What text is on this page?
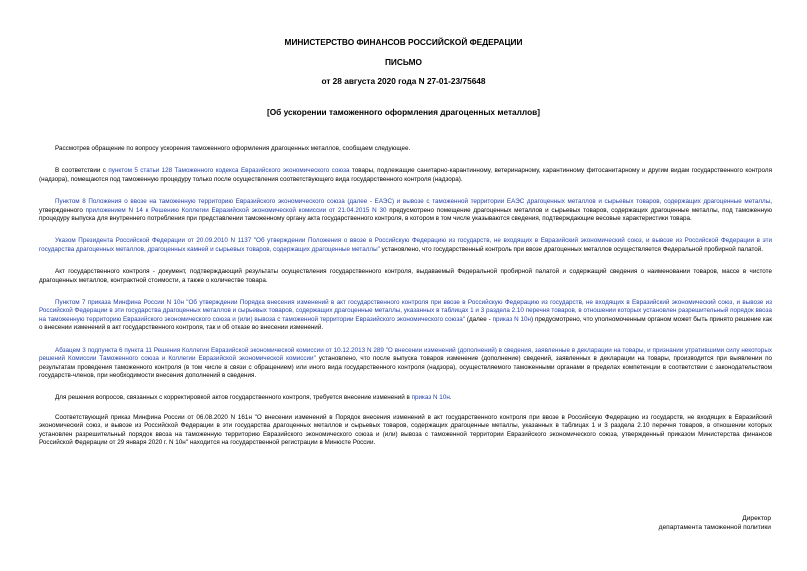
МИНИСТЕРСТВО ФИНАНСОВ РОССИЙСКОЙ ФЕДЕРАЦИИ
ПИСЬМО
от 28 августа 2020 года N 27-01-23/75648
[Об ускорении таможенного оформления драгоценных металлов]

Рассмотрев обращение по вопросу ускорения таможенного оформления драгоценных металлов, сообщаем следующее.

В соответствии с пунктом 5 статьи 128 Таможенного кодекса Евразийского экономического союза товары, подлежащие санитарно-карантинному, ветеринарному, карантинному фитосанитарному и другим видам государственного контроля (надзора), помещаются под таможенную процедуру только после осуществления соответствующего вида государственного контроля (надзора).

Пунктом 8 Положения о ввозе на таможенную территорию Евразийского экономического союза (далее - ЕАЭС) и вывозе с таможенной территории ЕАЭС драгоценных металлов и сырьевых товаров, содержащих драгоценные металлы, утвержденного приложением N 14 к Решению Коллегии Евразийской экономической комиссии от 21.04.2015 N 30 предусмотрено помещение драгоценных металлов и сырьевых товаров, содержащих драгоценные металлы, под таможенную процедуру выпуска для внутреннего потребления при представлении таможенному органу акта государственного контроля, в котором в том числе указываются сведения, подтверждающие весовые характеристики товара.

Указом Президента Российской Федерации от 20.09.2010 N 1137 "Об утверждении Положения о ввозе в Российскую Федерацию из государств, не входящих в Евразийский экономический союз, и вывозе из Российской Федерации в эти государства драгоценных металлов, драгоценных камней и сырьевых товаров, содержащих драгоценные металлы" установлено, что государственный контроль при ввозе драгоценных металлов осуществляется Федеральной пробирной палатой.

Акт государственного контроля - документ, подтверждающий результаты осуществления государственного контроля, выдаваемый Федеральной пробирной палатой и содержащий сведения о наименовании товаров, массе в чистоте драгоценных металлов, контрактной стоимости, а также о количестве товара.

Пунктом 7 приказа Минфина России N 10н "Об утверждении Порядка внесения изменений в акт государственного контроля при ввозе в Российскую Федерацию из государств, не входящих в Евразийский экономический союз, и вывозе из Российской Федерации в эти государства драгоценных металлов и сырьевых товаров, содержащих драгоценные металлы, указанных в таблицах 1 и 3 раздела 2.10 перечня товаров, в отношении которых установлен разрешительный порядок ввоза на таможенную территорию Евразийского экономического союза и (или) вывоза с таможенной территории Евразийского экономического союза" (далее - приказ N 10н) предусмотрено, что уполномоченным органом может быть принято решение как о внесении изменений в акт государственного контроля, так и об отказе во внесении изменений.

Абзацем 3 подпункта 6 пункта 11 Решения Коллегии Евразийской экономической комиссии от 10.12.2013 N 289 "О внесении изменений (дополнений) в сведения, заявленные в декларации на товары, и признании утратившими силу некоторых решений Комиссии Таможенного союза и Коллегии Евразийской экономической комиссии" установлено, что после выпуска товаров изменение (дополнение) сведений, заявленных в декларации на товары, производится при выявлении по результатам проведения таможенного контроля (в том числе в связи с обращением) или иного вида государственного контроля (надзора), осуществляемого таможенными органами в пределах компетенции в соответствии с законодательством государств-членов, при необходимости внесения дополнений в сведения.

Для решения вопросов, связанных с корректировкой актов государственного контроля, требуется внесение изменений в приказ N 10н.

Соответствующий приказ Минфина России от 06.08.2020 N 161н "О внесении изменений в Порядок внесения изменений в акт государственного контроля при ввозе в Российскую Федерацию из государств, не входящих в Евразийский экономический союз, и вывозе из Российской Федерации в эти государства драгоценных металлов и сырьевых товаров, содержащих драгоценные металлы, указанных в таблицах 1 и 3 раздела 2.10 перечня товаров, в отношении которых установлен разрешительный порядок ввоза на таможенную территорию Евразийского экономического союза и (или) вывоза с таможенной территории Евразийского экономического союза, утвержденный приказом Министерства финансов Российской Федерации от 29 января 2020 г. N 10н" находится на государственной регистрации в Минюсте России.

Директор
департамента таможенной политики
